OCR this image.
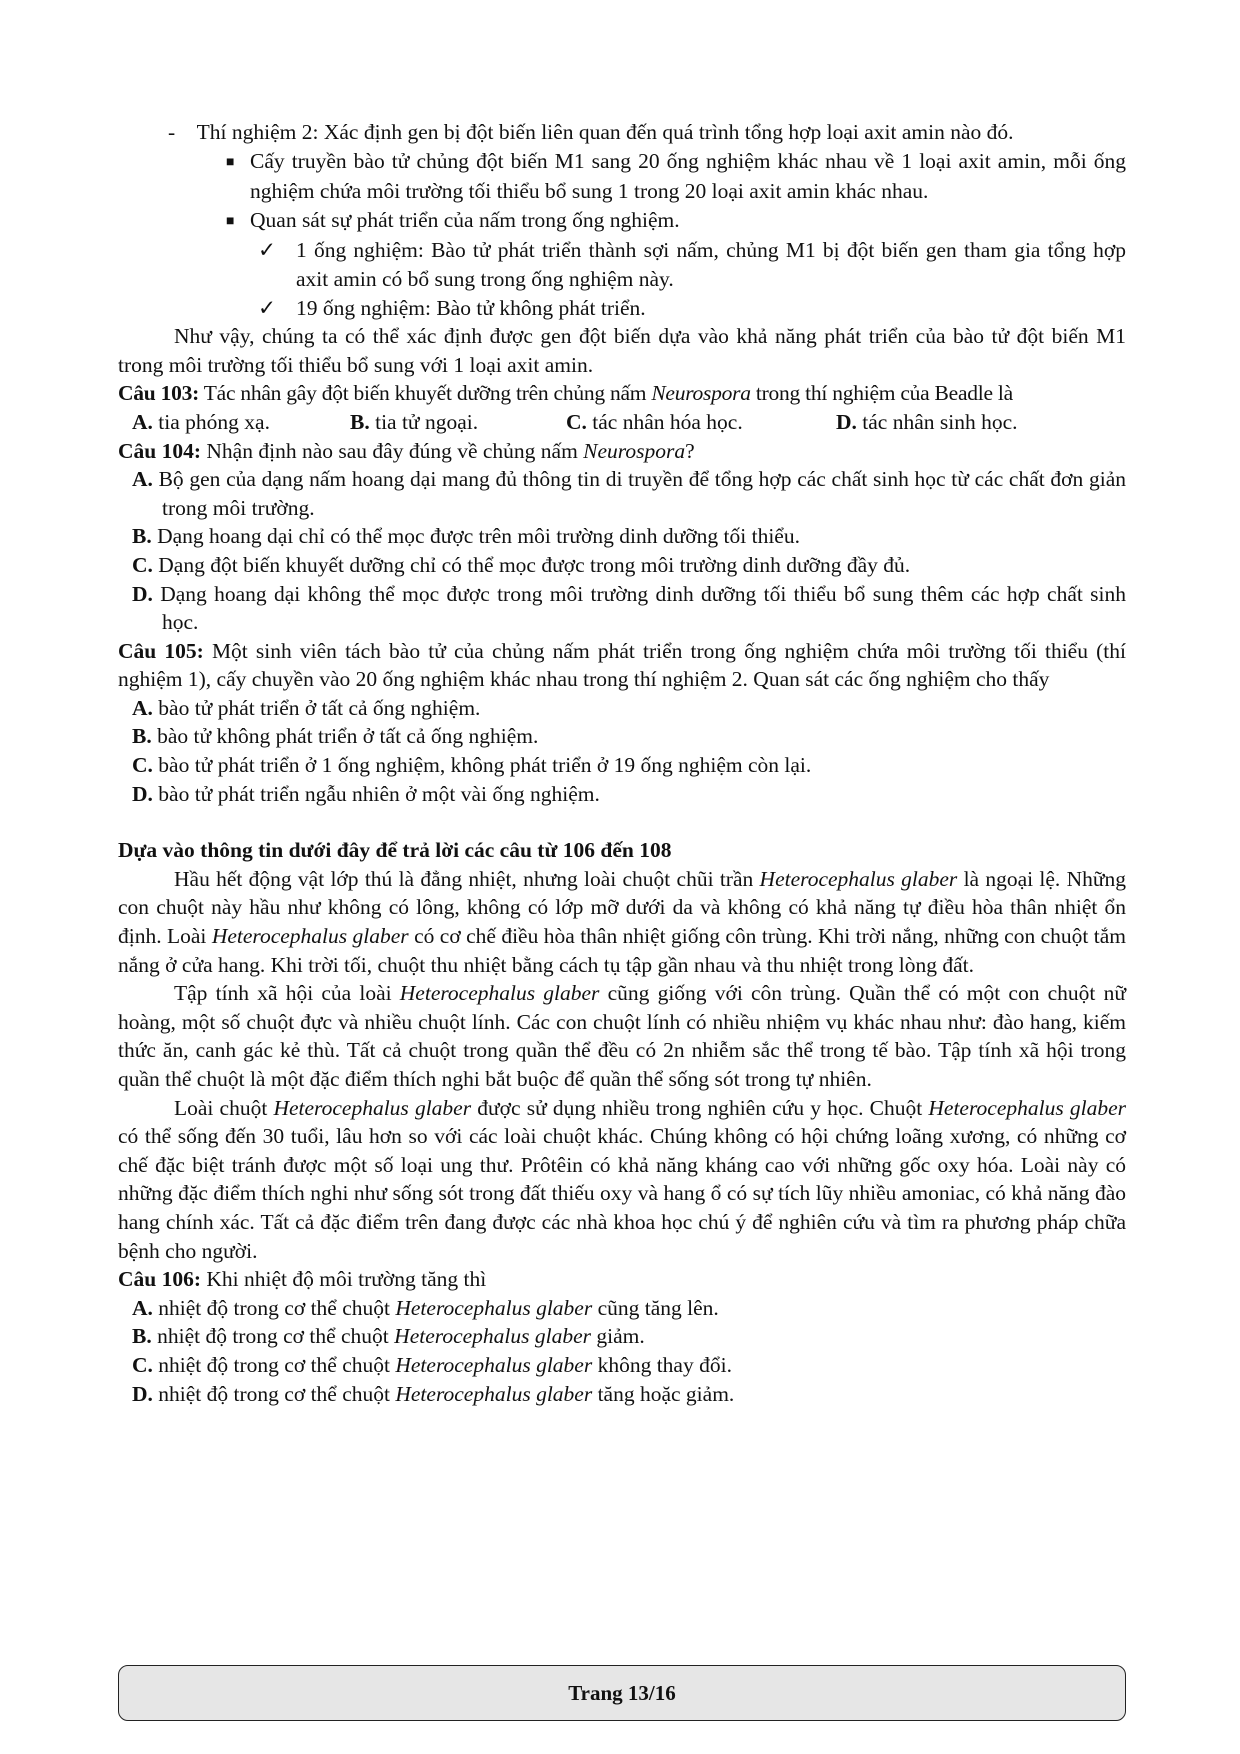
- Thí nghiệm 2: Xác định gen bị đột biến liên quan đến quá trình tổng hợp loại axit amin nào đó.

■ Cấy truyền bào tử chủng đột biến M1 sang 20 ống nghiệm khác nhau về 1 loại axit amin, mỗi ống nghiệm chứa môi trường tối thiểu bổ sung 1 trong 20 loại axit amin khác nhau.

■ Quan sát sự phát triển của nấm trong ống nghiệm.

✓ 1 ống nghiệm: Bào tử phát triển thành sợi nấm, chủng M1 bị đột biến gen tham gia tổng hợp axit amin có bổ sung trong ống nghiệm này.

✓ 19 ống nghiệm: Bào tử không phát triển.

Như vậy, chúng ta có thể xác định được gen đột biến dựa vào khả năng phát triển của bào tử đột biến M1 trong môi trường tối thiểu bổ sung với 1 loại axit amin.

Câu 103: Tác nhân gây đột biến khuyết dưỡng trên chủng nấm Neurospora trong thí nghiệm của Beadle là

A. tia phóng xạ.	B. tia tử ngoại.	C. tác nhân hóa học.	D. tác nhân sinh học.

Câu 104: Nhận định nào sau đây đúng về chủng nấm Neurospora?

A. Bộ gen của dạng nấm hoang dại mang đủ thông tin di truyền để tổng hợp các chất sinh học từ các chất đơn giản trong môi trường.

B. Dạng hoang dại chỉ có thể mọc được trên môi trường dinh dưỡng tối thiểu.

C. Dạng đột biến khuyết dưỡng chỉ có thể mọc được trong môi trường dinh dưỡng đầy đủ.

D. Dạng hoang dại không thể mọc được trong môi trường dinh dưỡng tối thiểu bổ sung thêm các hợp chất sinh học.

Câu 105: Một sinh viên tách bào tử của chủng nấm phát triển trong ống nghiệm chứa môi trường tối thiểu (thí nghiệm 1), cấy chuyền vào 20 ống nghiệm khác nhau trong thí nghiệm 2. Quan sát các ống nghiệm cho thấy

A. bào tử phát triển ở tất cả ống nghiệm.

B. bào tử không phát triển ở tất cả ống nghiệm.

C. bào tử phát triển ở 1 ống nghiệm, không phát triển ở 19 ống nghiệm còn lại.

D. bào tử phát triển ngẫu nhiên ở một vài ống nghiệm.

Dựa vào thông tin dưới đây để trả lời các câu từ 106 đến 108

Hầu hết động vật lớp thú là đẳng nhiệt, nhưng loài chuột chũi trần Heterocephalus glaber là ngoại lệ. Những con chuột này hầu như không có lông, không có lớp mỡ dưới da và không có khả năng tự điều hòa thân nhiệt ổn định. Loài Heterocephalus glaber có cơ chế điều hòa thân nhiệt giống côn trùng. Khi trời nắng, những con chuột tắm nắng ở cửa hang. Khi trời tối, chuột thu nhiệt bằng cách tụ tập gần nhau và thu nhiệt trong lòng đất.

Tập tính xã hội của loài Heterocephalus glaber cũng giống với côn trùng. Quần thể có một con chuột nữ hoàng, một số chuột đực và nhiều chuột lính. Các con chuột lính có nhiều nhiệm vụ khác nhau như: đào hang, kiếm thức ăn, canh gác kẻ thù. Tất cả chuột trong quần thể đều có 2n nhiễm sắc thể trong tế bào. Tập tính xã hội trong quần thể chuột là một đặc điểm thích nghi bắt buộc để quần thể sống sót trong tự nhiên.

Loài chuột Heterocephalus glaber được sử dụng nhiều trong nghiên cứu y học. Chuột Heterocephalus glaber có thể sống đến 30 tuổi, lâu hơn so với các loài chuột khác. Chúng không có hội chứng loãng xương, có những cơ chế đặc biệt tránh được một số loại ung thư. Prôtêin có khả năng kháng cao với những gốc oxy hóa. Loài này có những đặc điểm thích nghi như sống sót trong đất thiếu oxy và hang ổ có sự tích lũy nhiều amoniac, có khả năng đào hang chính xác. Tất cả đặc điểm trên đang được các nhà khoa học chú ý để nghiên cứu và tìm ra phương pháp chữa bệnh cho người.

Câu 106: Khi nhiệt độ môi trường tăng thì

A. nhiệt độ trong cơ thể chuột Heterocephalus glaber cũng tăng lên.

B. nhiệt độ trong cơ thể chuột Heterocephalus glaber giảm.

C. nhiệt độ trong cơ thể chuột Heterocephalus glaber không thay đổi.

D. nhiệt độ trong cơ thể chuột Heterocephalus glaber tăng hoặc giảm.

Trang 13/16
